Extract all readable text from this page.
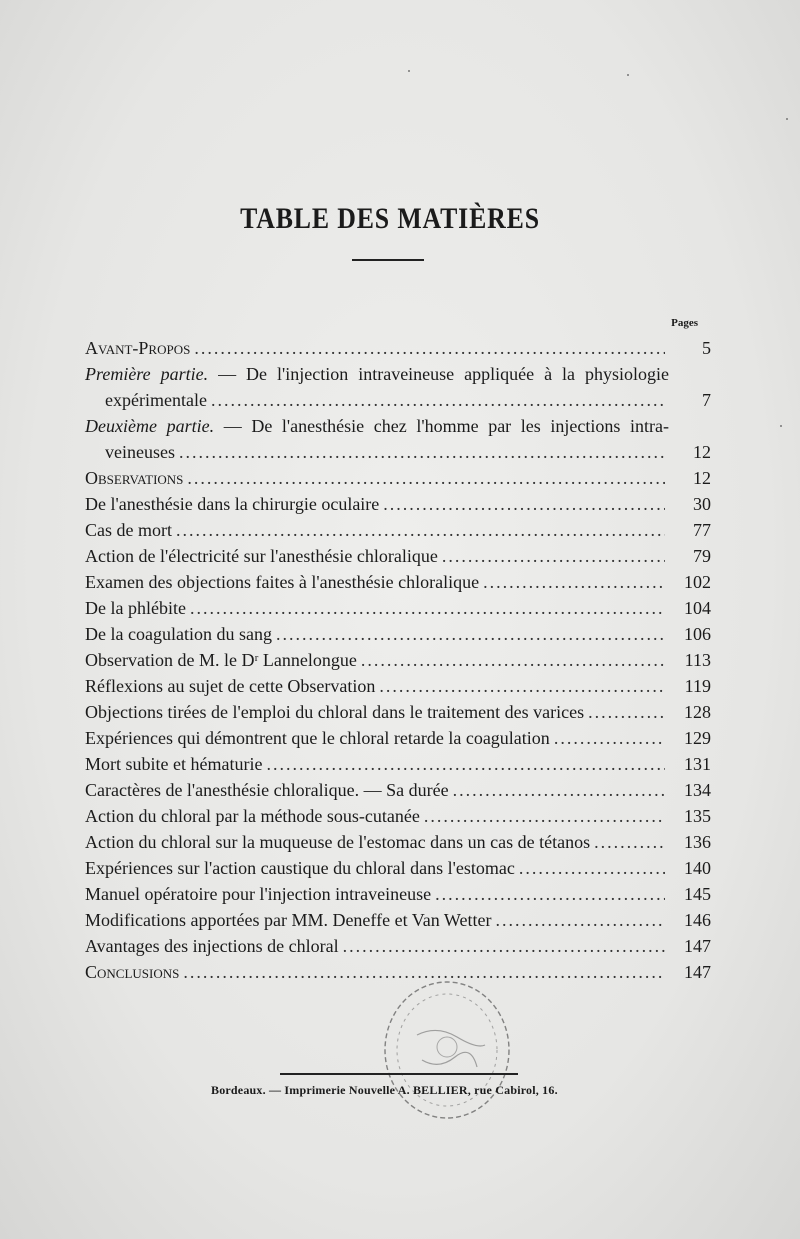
TABLE DES MATIÈRES
Pages
Avant-Propos .....	5
Première partie. — De l'injection intraveineuse appliquée à la physiologie
expérimentale .....	7
Deuxième partie. — De l'anesthésie chez l'homme par les injections intra-
veineuses .....	12
Observations .....	12
De l'anesthésie dans la chirurgie oculaire .....	30
Cas de mort .....	77
Action de l'électricité sur l'anesthésie chloralique .....	79
Examen des objections faites à l'anesthésie chloralique .....	102
De la phlébite .....	104
De la coagulation du sang .....	106
Observation de M. le Dʳ Lannelongue .....	113
Réflexions au sujet de cette Observation .....	119
Objections tirées de l'emploi du chloral dans le traitement des varices .....	128
Expériences qui démontrent que le chloral retarde la coagulation .....	129
Mort subite et hématurie .....	131
Caractères de l'anesthésie chloralique. — Sa durée .....	134
Action du chloral par la méthode sous-cutanée .....	135
Action du chloral sur la muqueuse de l'estomac dans un cas de tétanos .....	136
Expériences sur l'action caustique du chloral dans l'estomac .....	140
Manuel opératoire pour l'injection intraveineuse .....	145
Modifications apportées par MM. Deneffe et Van Wetter .....	146
Avantages des injections de chloral .....	147
Conclusions .....	147
Bordeaux. — Imprimerie Nouvelle A. BELLIER, rue Cabirol, 16.
